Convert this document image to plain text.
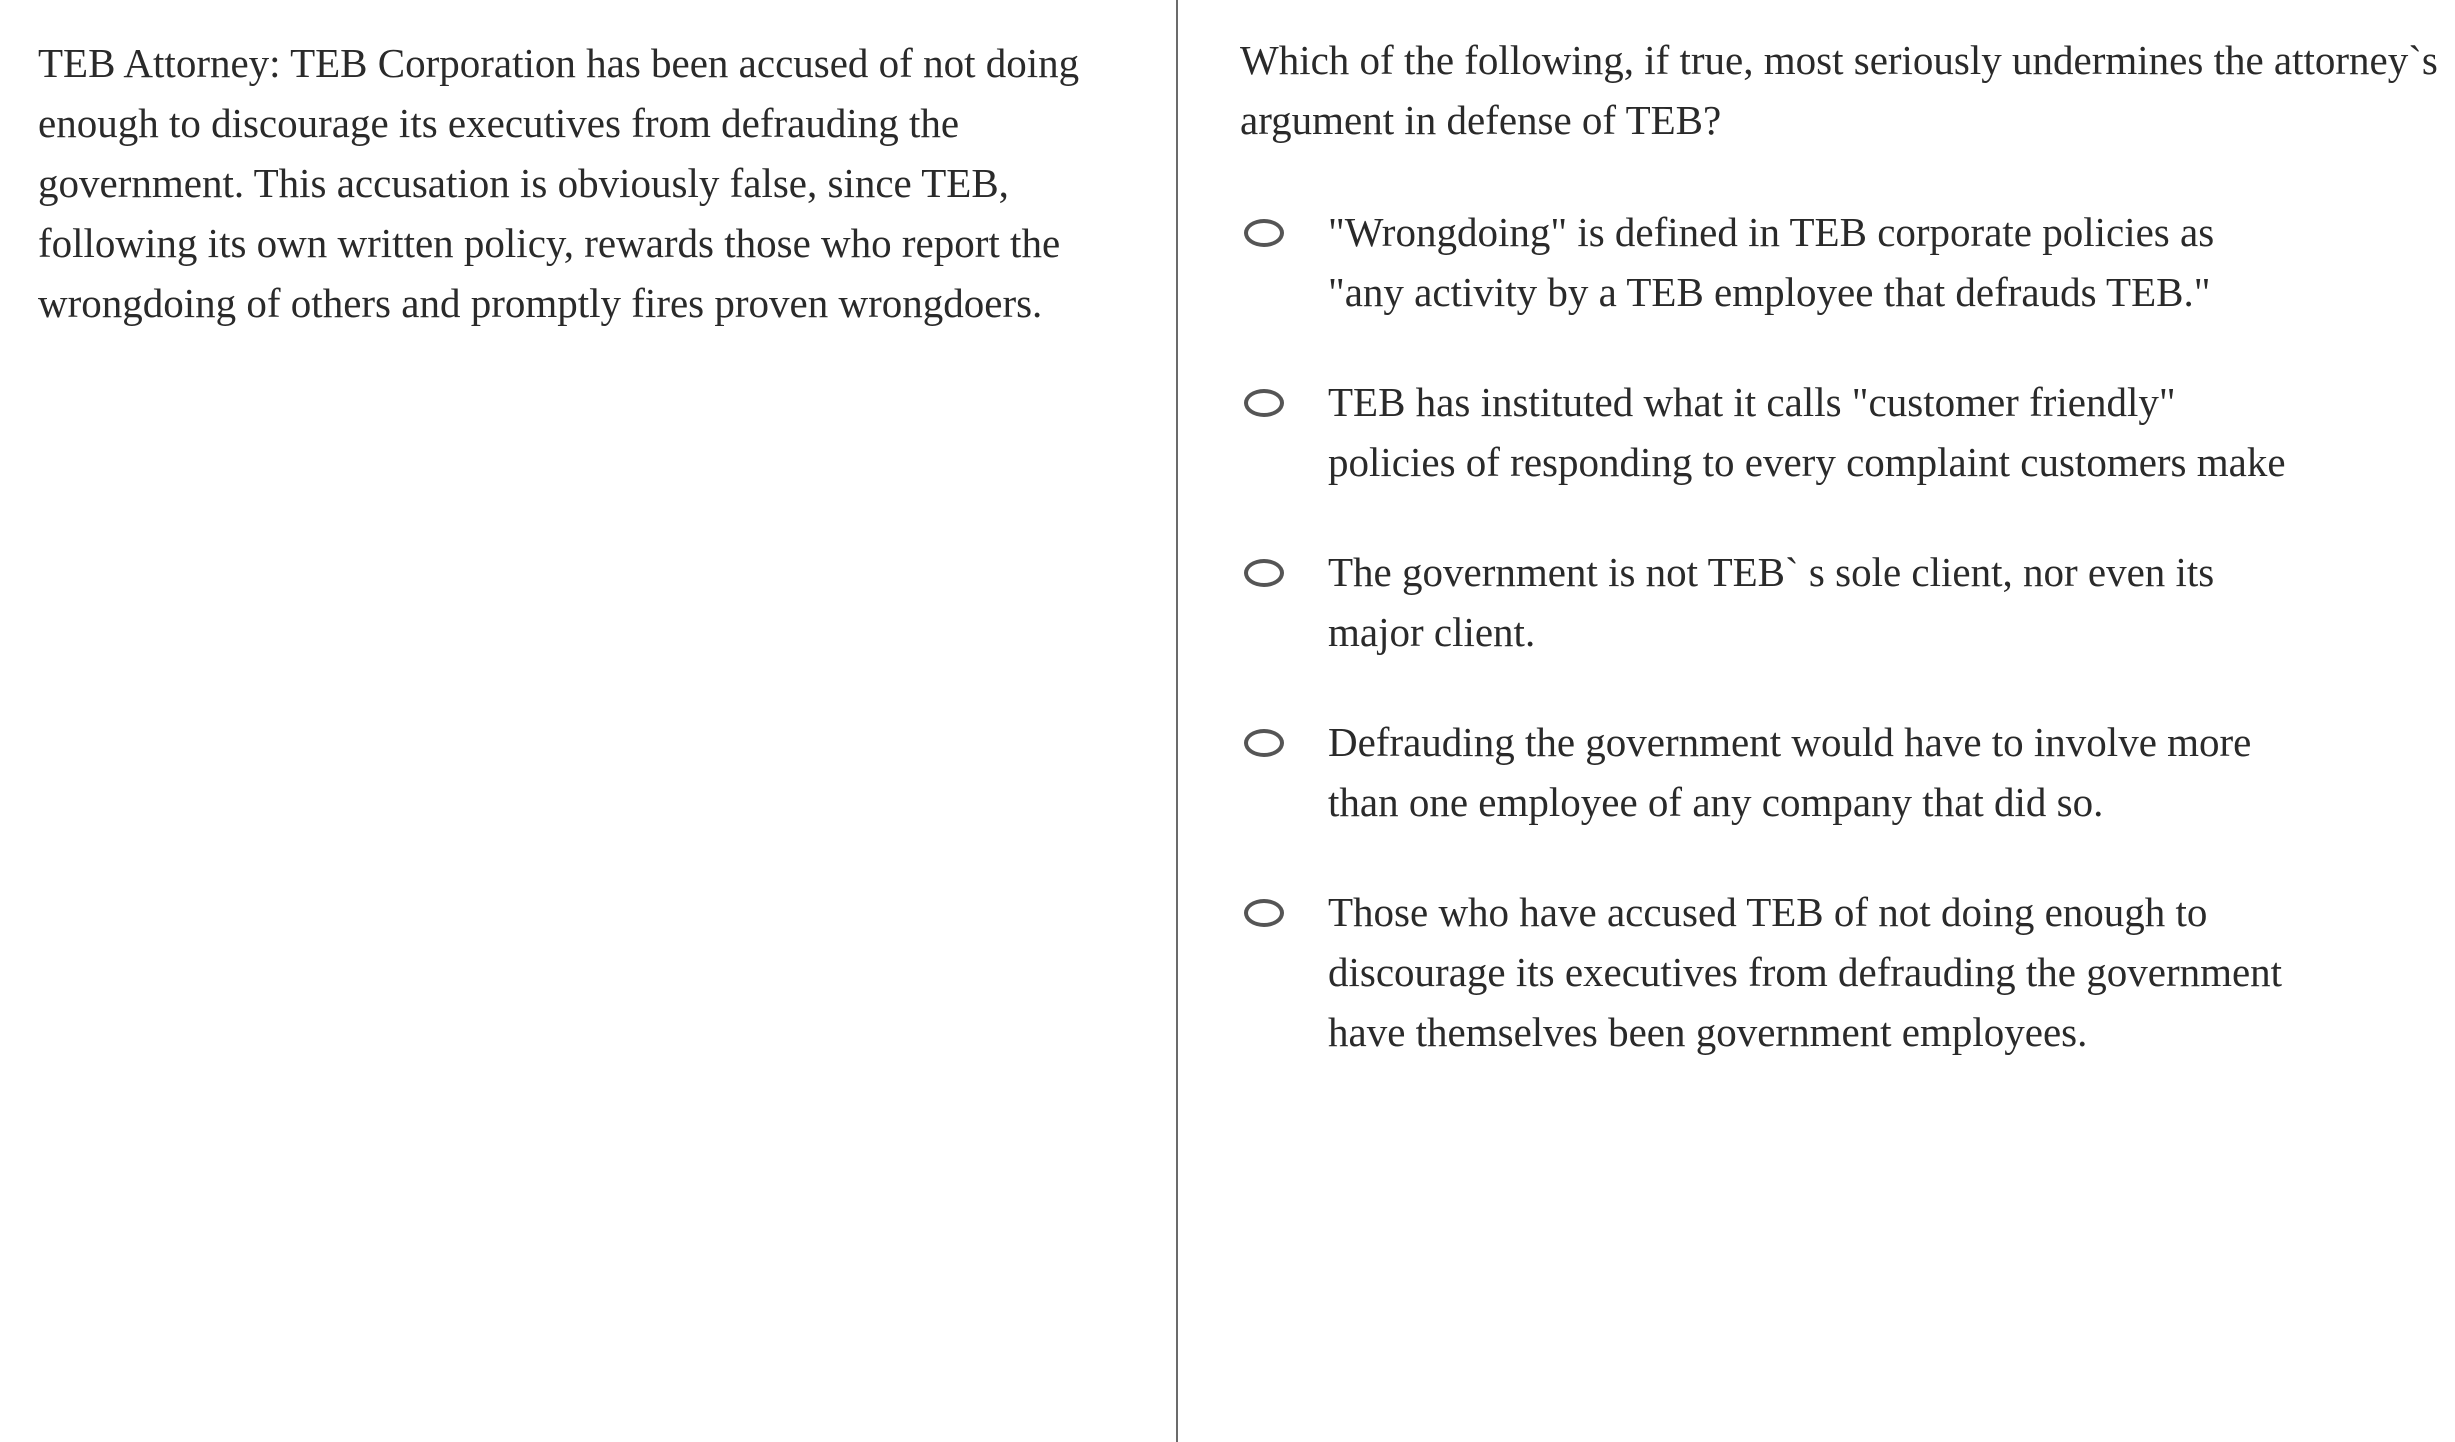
TEB Attorney: TEB Corporation has been accused of not doing enough to discourage its executives from defrauding the government. This accusation is obviously false, since TEB, following its own written policy, rewards those who report the wrongdoing of others and promptly fires proven wrongdoers.

Which of the following, if true, most seriously undermines the attorney`s argument in defense of TEB?

"Wrongdoing" is defined in TEB corporate policies as "any activity by a TEB employee that defrauds TEB."
TEB has instituted what it calls "customer friendly" policies of responding to every complaint customers make
The government is not TEB` s sole client, nor even its major client.
Defrauding the government would have to involve more than one employee of any company that did so.
Those who have accused TEB of not doing enough to discourage its executives from defrauding the government have themselves been government employees.
